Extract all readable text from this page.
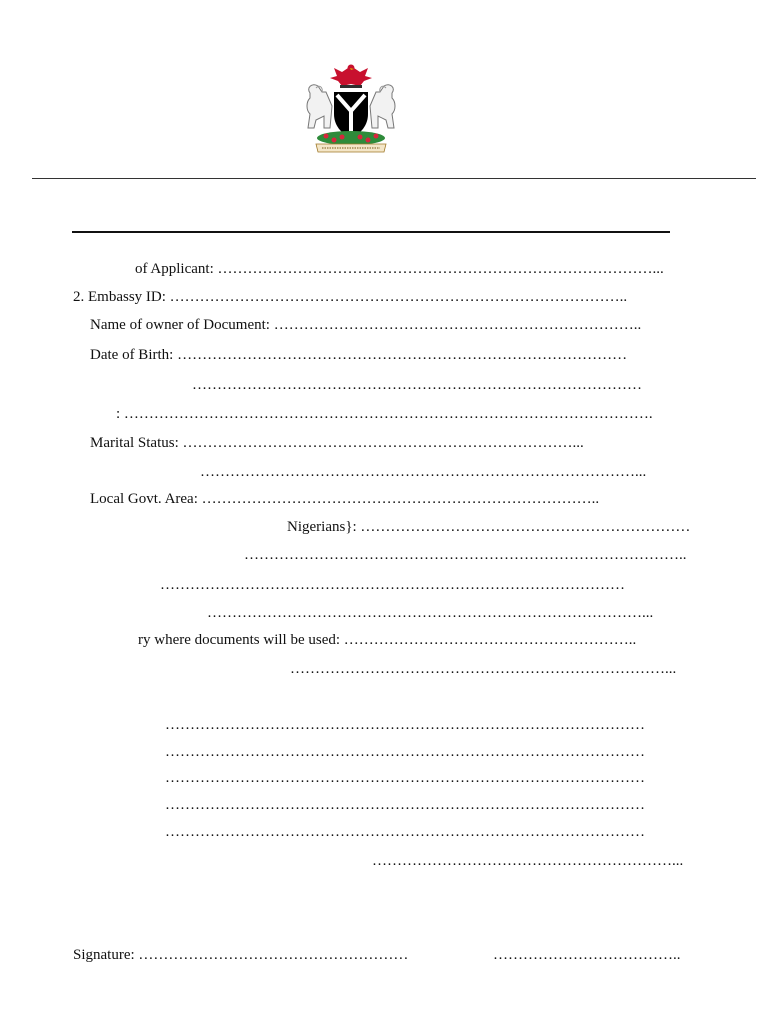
of Applicant: ……………………………………………………………………………...
2. Embassy ID: ………………………………………………………………………………..
Name of owner of Document: ………………………………………………………………..
Date of Birth: ………………………………………………………………………………
………………………………………………………………………………
: …………………………………………………………………………………………….
Marital Status: ……………………………………………………………………...
……………………………………………………………………………...
Local Govt. Area: ……………………………………………………………………..
Nigerians}: …………………………………………………………
……………………………………………………………………………..
…………………………………………………………………………………
……………………………………………………………………………...
ry where documents will be used: …………………………………………………..
…………………………………………………………………...
……………………………………………………………………………………
……………………………………………………………………………………
……………………………………………………………………………………
……………………………………………………………………………………
……………………………………………………………………………………
……………………………………………………...
Signature: ………………………………………………	………………………………..
